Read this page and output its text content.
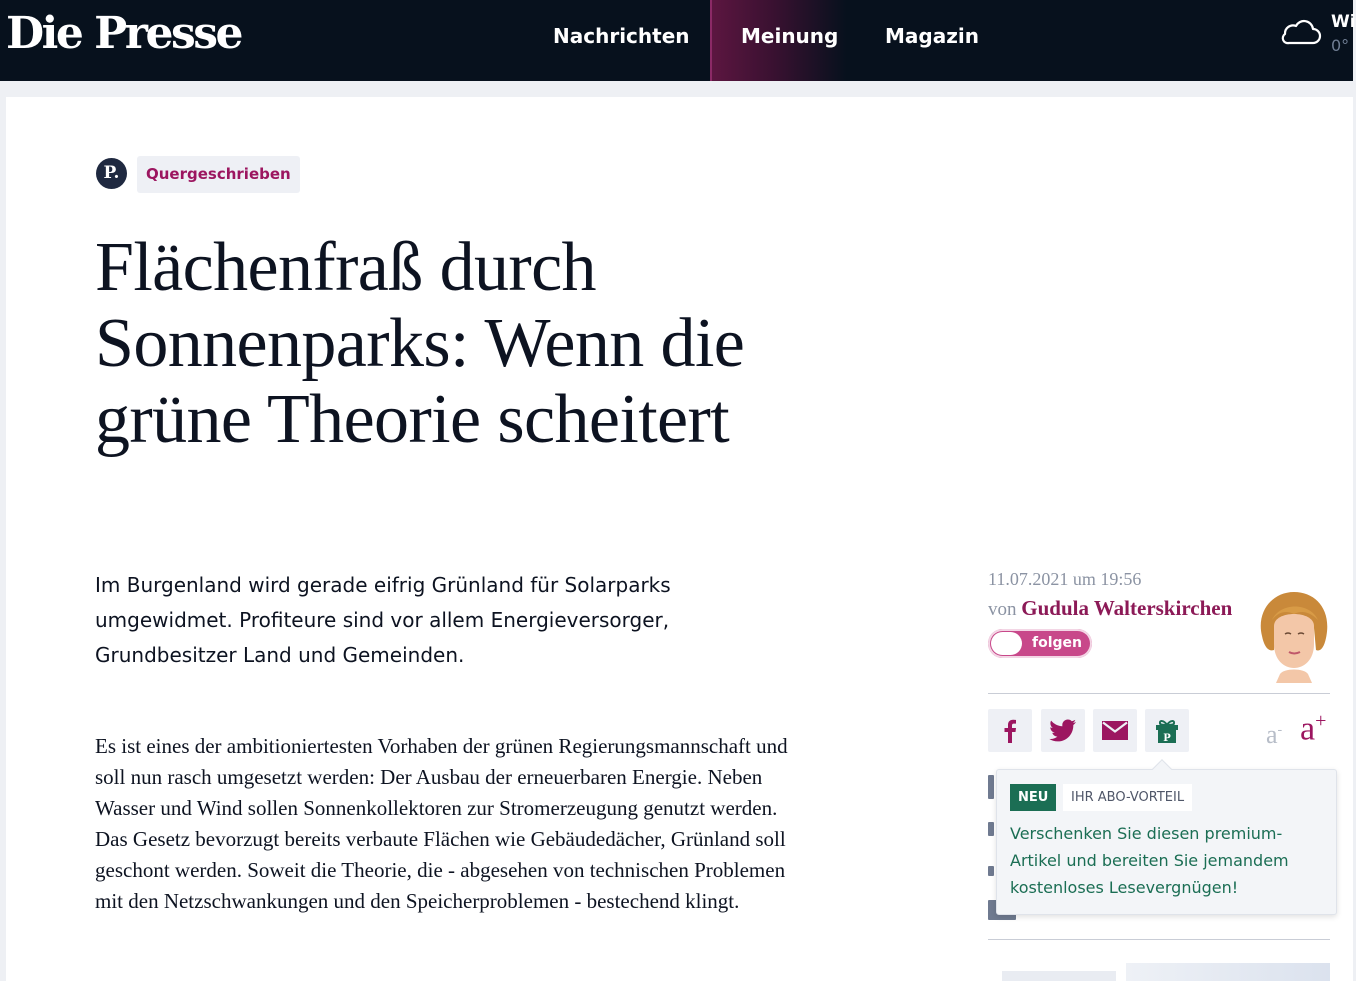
Die Presse	Nachrichten	Meinung	Magazin
Wi
0°
P.	Quergeschrieben
Flächenfraß durch Sonnenparks: Wenn die grüne Theorie scheitert

Im Burgenland wird gerade eifrig Grünland für Solarparks umgewidmet. Profiteure sind vor allem Energieversorger, Grundbesitzer Land und Gemeinden.

Es ist eines der ambitioniertesten Vorhaben der grünen Regierungsmannschaft und soll nun rasch umgesetzt werden: Der Ausbau der erneuerbaren Energie. Neben Wasser und Wind sollen Sonnenkollektoren zur Stromerzeugung genutzt werden. Das Gesetz bevorzugt bereits verbaute Flächen wie Gebäudedächer, Grünland soll geschont werden. Soweit die Theorie, die - abgesehen von technischen Problemen mit den Netzschwankungen und den Speicherproblemen - bestechend klingt.

11.07.2021 um 19:56
von Gudula Walterskirchen
folgen
P	a- a+
NEU	IHR ABO-VORTEIL

Verschenken Sie diesen premium-Artikel und bereiten Sie jemandem kostenloses Lesevergnügen!
